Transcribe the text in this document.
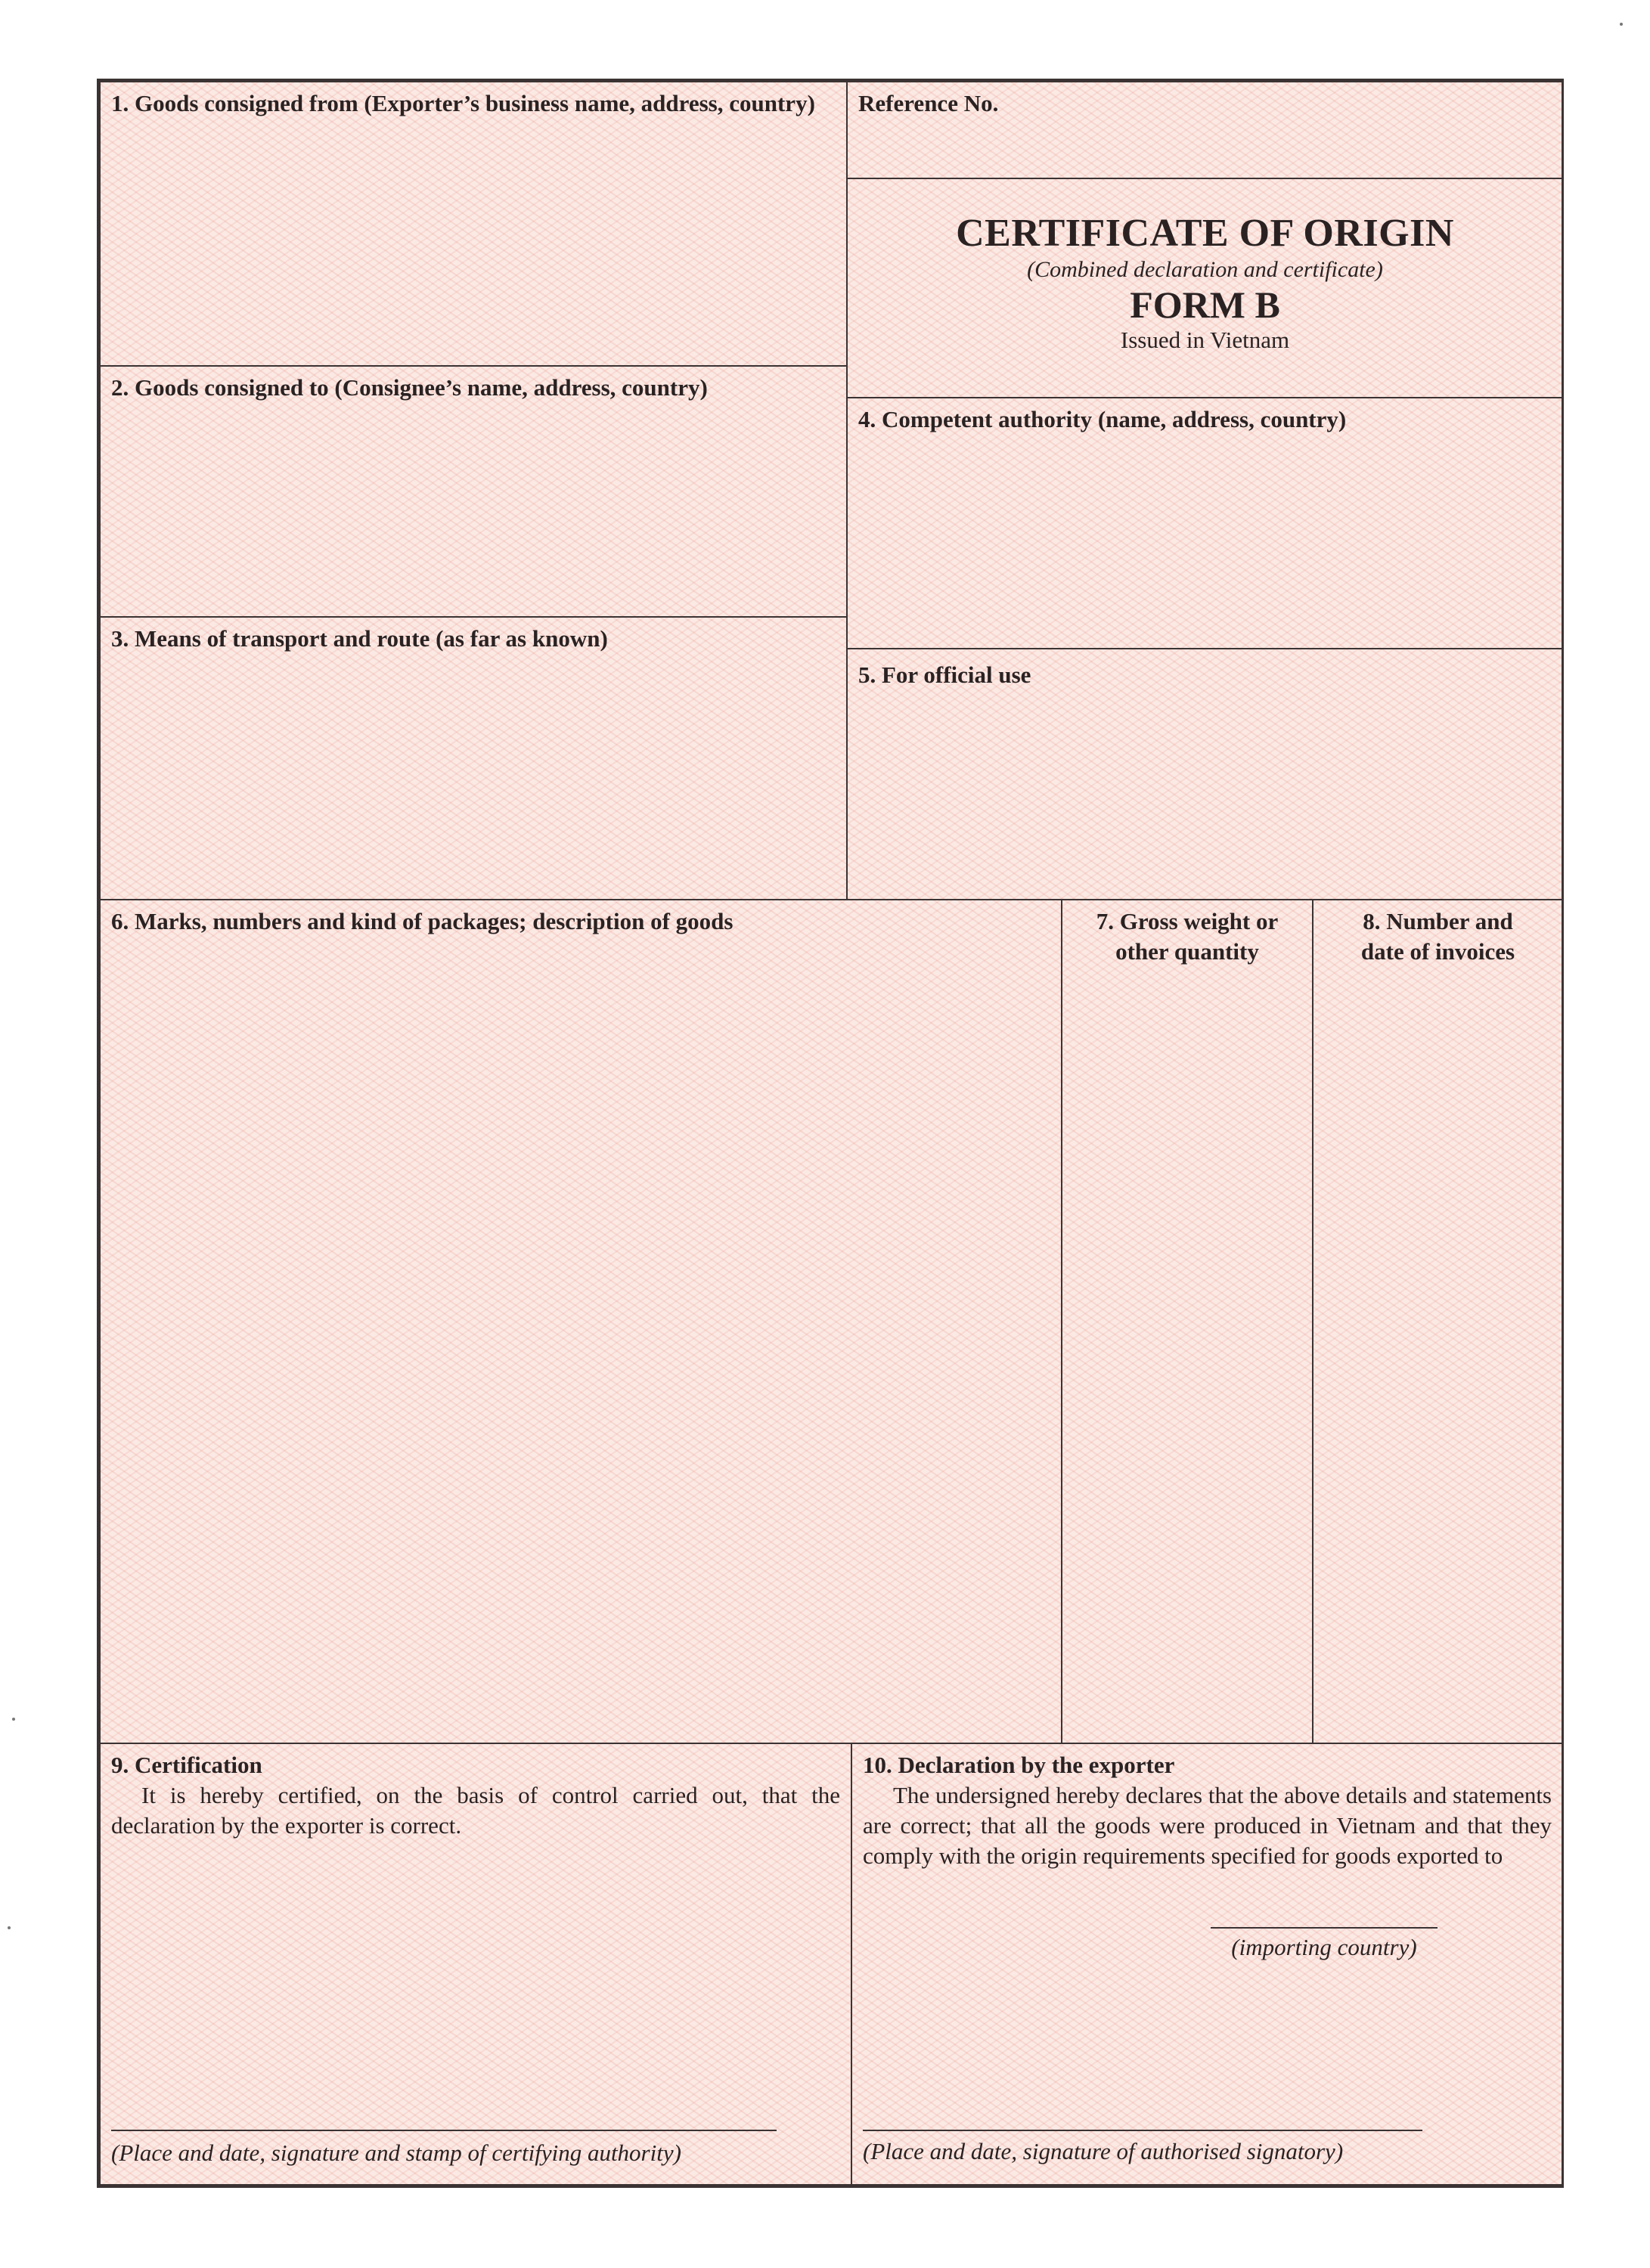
1. Goods consigned from (Exporter’s business name, address, country)	Reference No.

CERTIFICATE OF ORIGIN
(Combined declaration and certificate)
FORM B
Issued in Vietnam

2. Goods consigned to (Consignee’s name, address, country)

4. Competent authority (name, address, country)

3. Means of transport and route (as far as known)

5. For official use

6. Marks, numbers and kind of packages; description of goods	7. Gross weight or

other quantity

8. Number and

date of invoices

9. Certification

It is hereby certified, on the basis of control carried out, that the declaration by the exporter is correct.

(Place and date, signature and stamp of certifying authority)

10. Declaration by the exporter

The undersigned hereby declares that the above details and statements are correct; that all the goods were produced in Vietnam and that they comply with the origin requirements specified for goods exported to

(importing country)
(Place and date, signature of authorised signatory)
